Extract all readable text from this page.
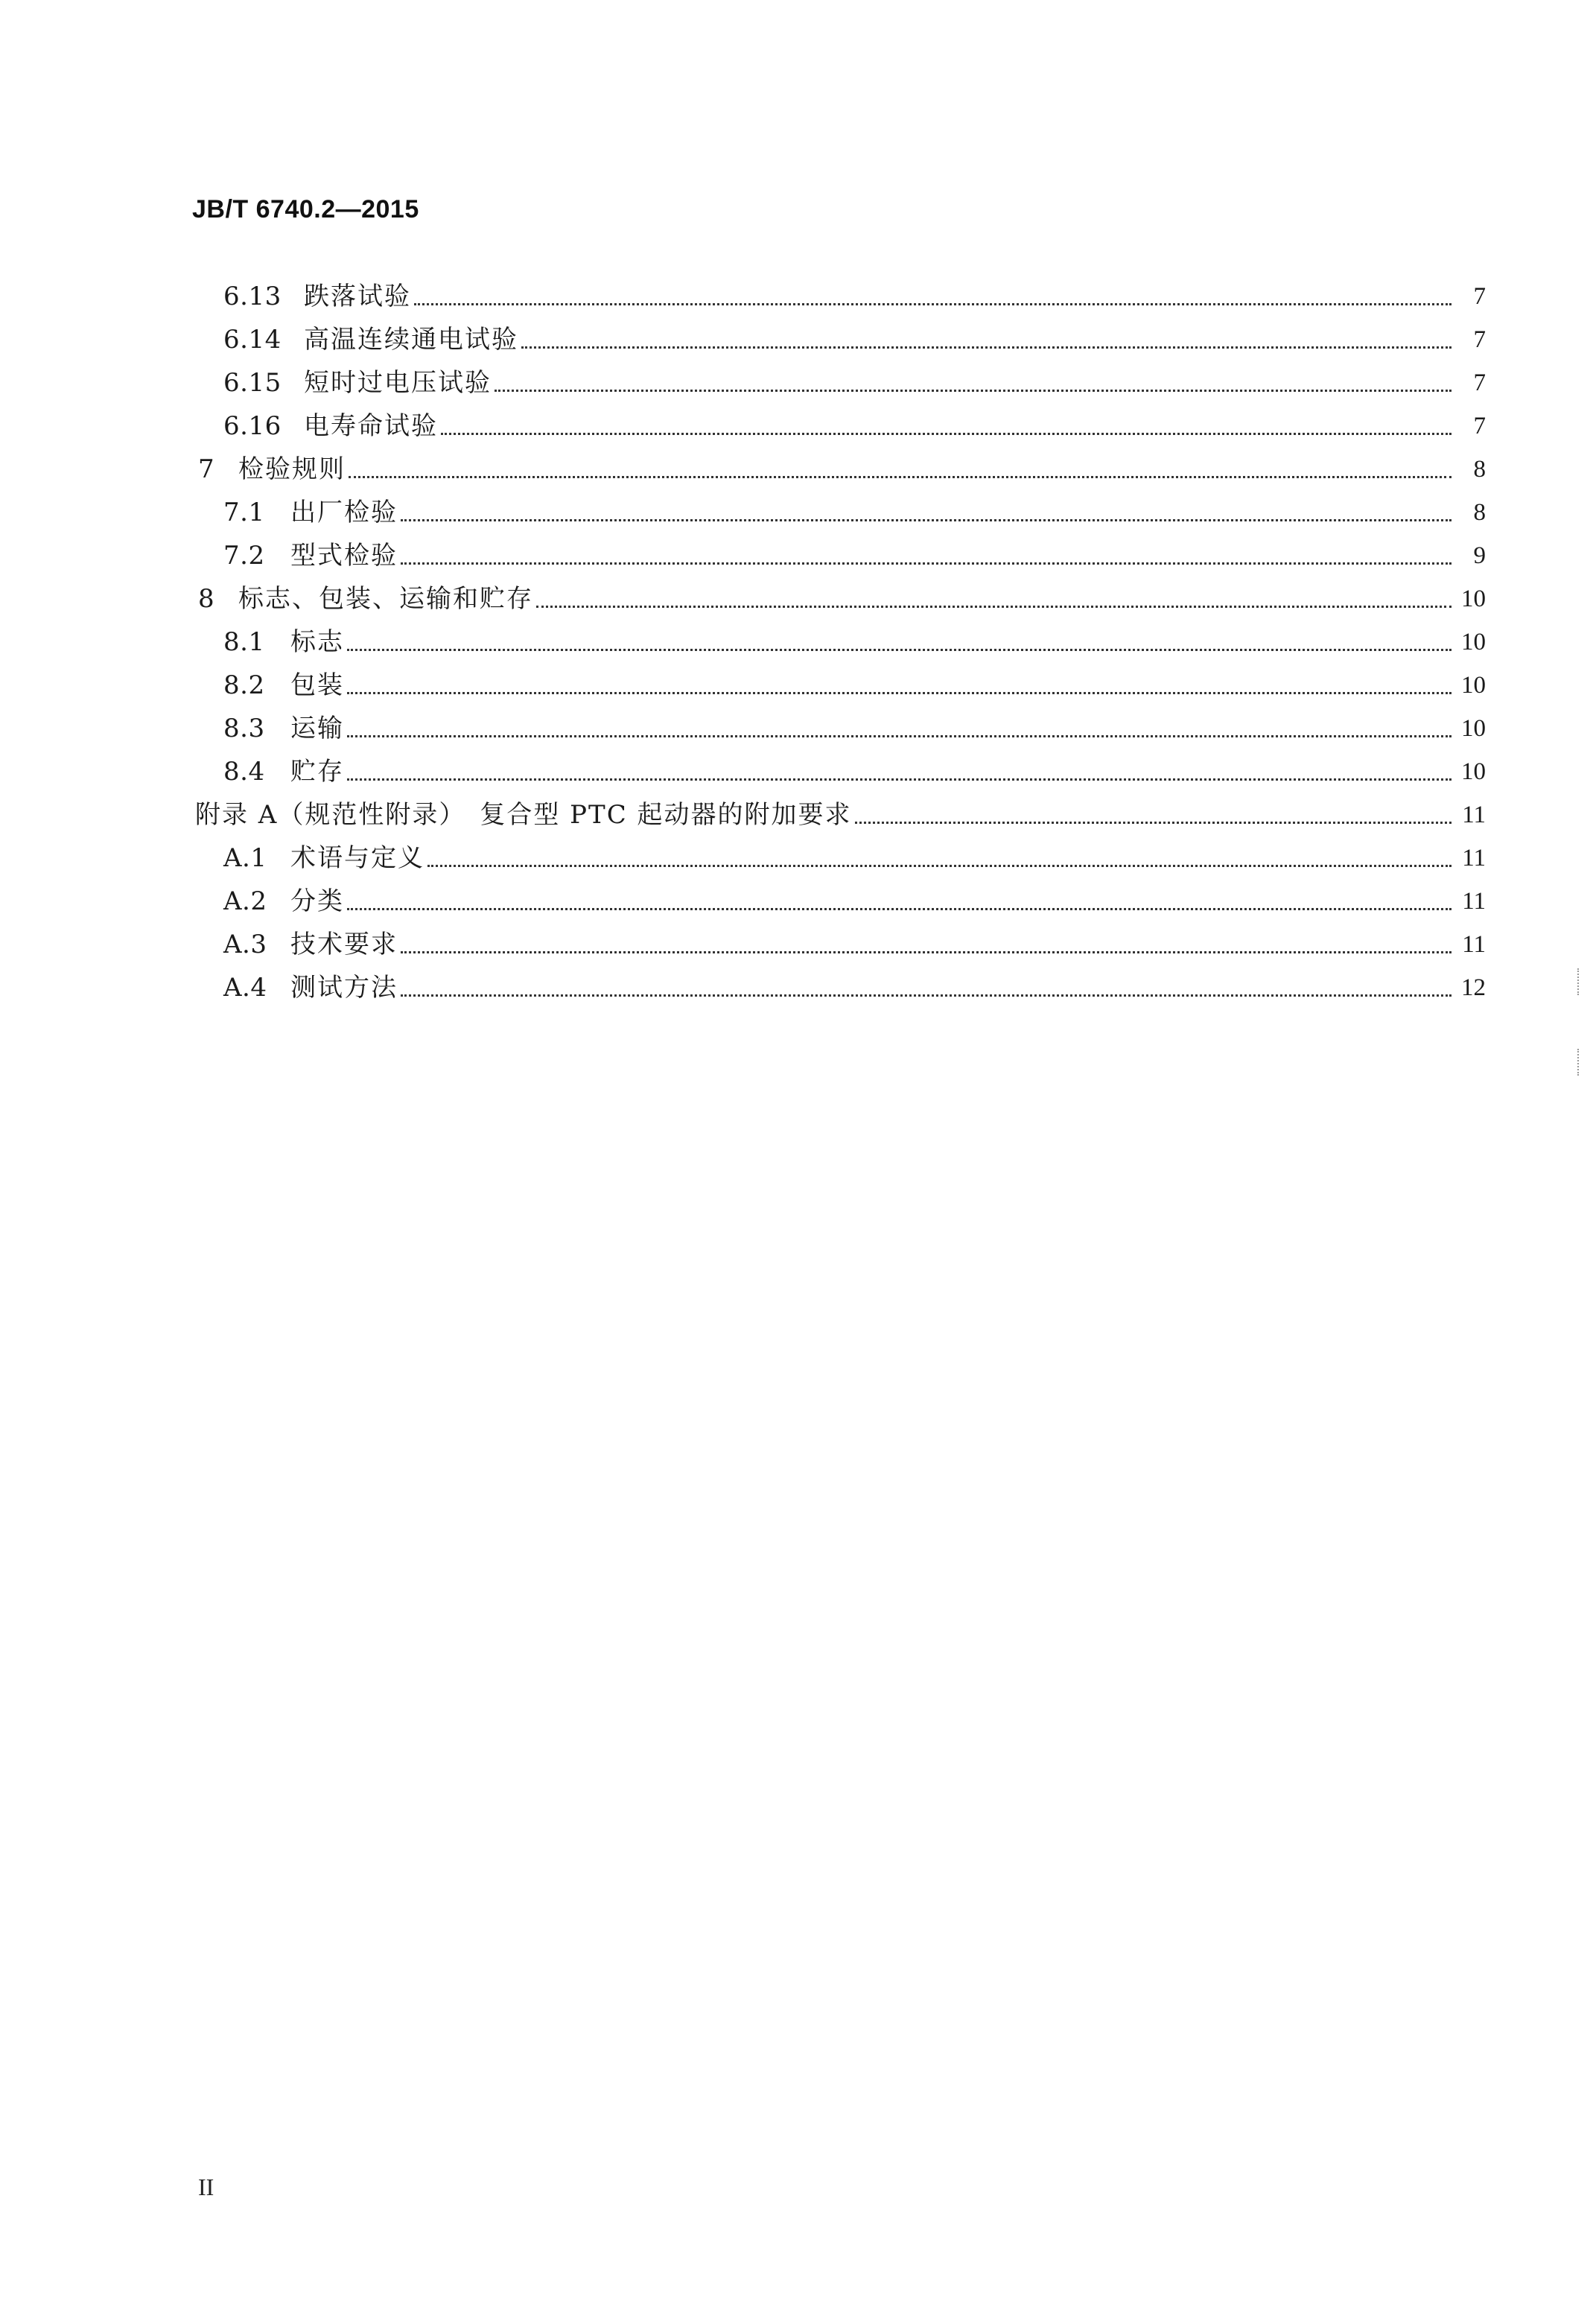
JB/T 6740.2—2015
6.13 跌落试验	7
6.14 高温连续通电试验	7
6.15 短时过电压试验	7
6.16 电寿命试验	7
7 检验规则	8
7.1	出厂检验	8
7.2	型式检验	9
8 标志、包装、运输和贮存	10
8.1	标志	10
8.2	包装	10
8.3	运输	10
8.4	贮存	10
附录 A（规范性附录）　复合型 PTC 起动器的附加要求	11
A.1 术语与定义	11
A.2 分类	11
A.3 技术要求	11
A.4 测试方法	12
II
